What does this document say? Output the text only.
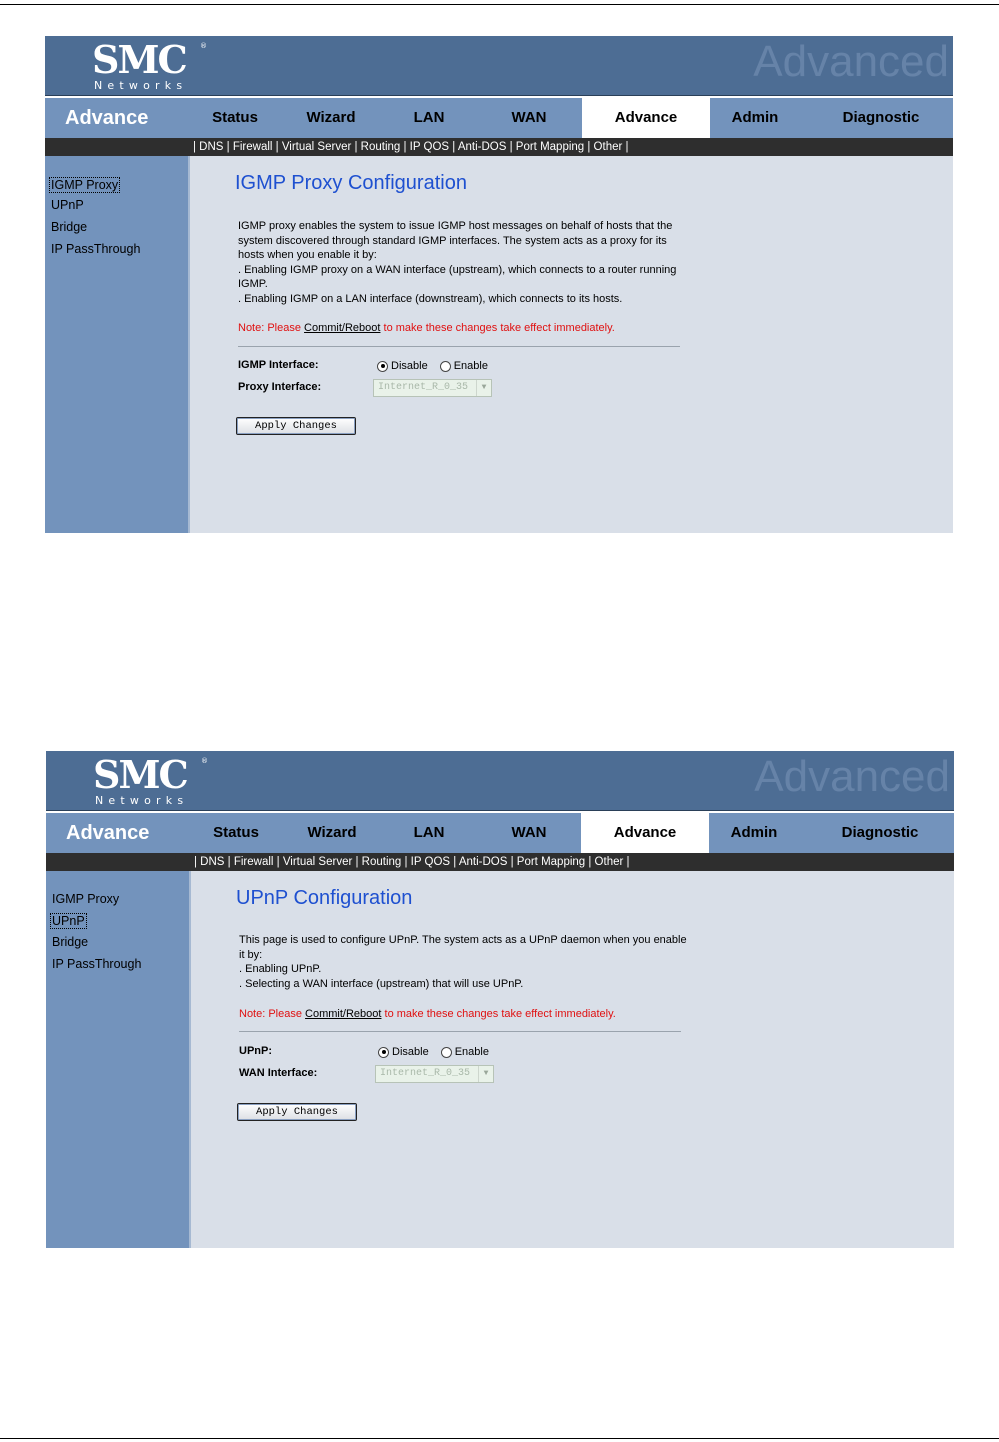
SMC ®
Networks	Advanced
Advance	Status	Wizard	LAN	WAN	Advance	Admin	Diagnostic
| DNS | Firewall | Virtual Server | Routing | IP QOS | Anti-DOS | Port Mapping | Other |
IGMP Proxy
UPnP
Bridge
IP PassThrough
IGMP Proxy Configuration

IGMP proxy enables the system to issue IGMP host messages on behalf of hosts that the system discovered through standard IGMP interfaces. The system acts as a proxy for its hosts when you enable it by:

. Enabling IGMP proxy on a WAN interface (upstream), which connects to a router running IGMP.

. Enabling IGMP on a LAN interface (downstream), which connects to its hosts.

Note: Please Commit/Reboot to make these changes take effect immediately.
IGMP Interface:	Disable Enable
Proxy Interface:	Internet_R_0_35	▼
Apply Changes
SMC ®
Networks	Advanced
Advance	Status	Wizard	LAN	WAN	Advance	Admin	Diagnostic
| DNS | Firewall | Virtual Server | Routing | IP QOS | Anti-DOS | Port Mapping | Other |
IGMP Proxy
UPnP
Bridge
IP PassThrough
UPnP Configuration

This page is used to configure UPnP. The system acts as a UPnP daemon when you enable it by:

. Enabling UPnP.

. Selecting a WAN interface (upstream) that will use UPnP.

Note: Please Commit/Reboot to make these changes take effect immediately.
UPnP:	Disable Enable
WAN Interface:	Internet_R_0_35	▼
Apply Changes
